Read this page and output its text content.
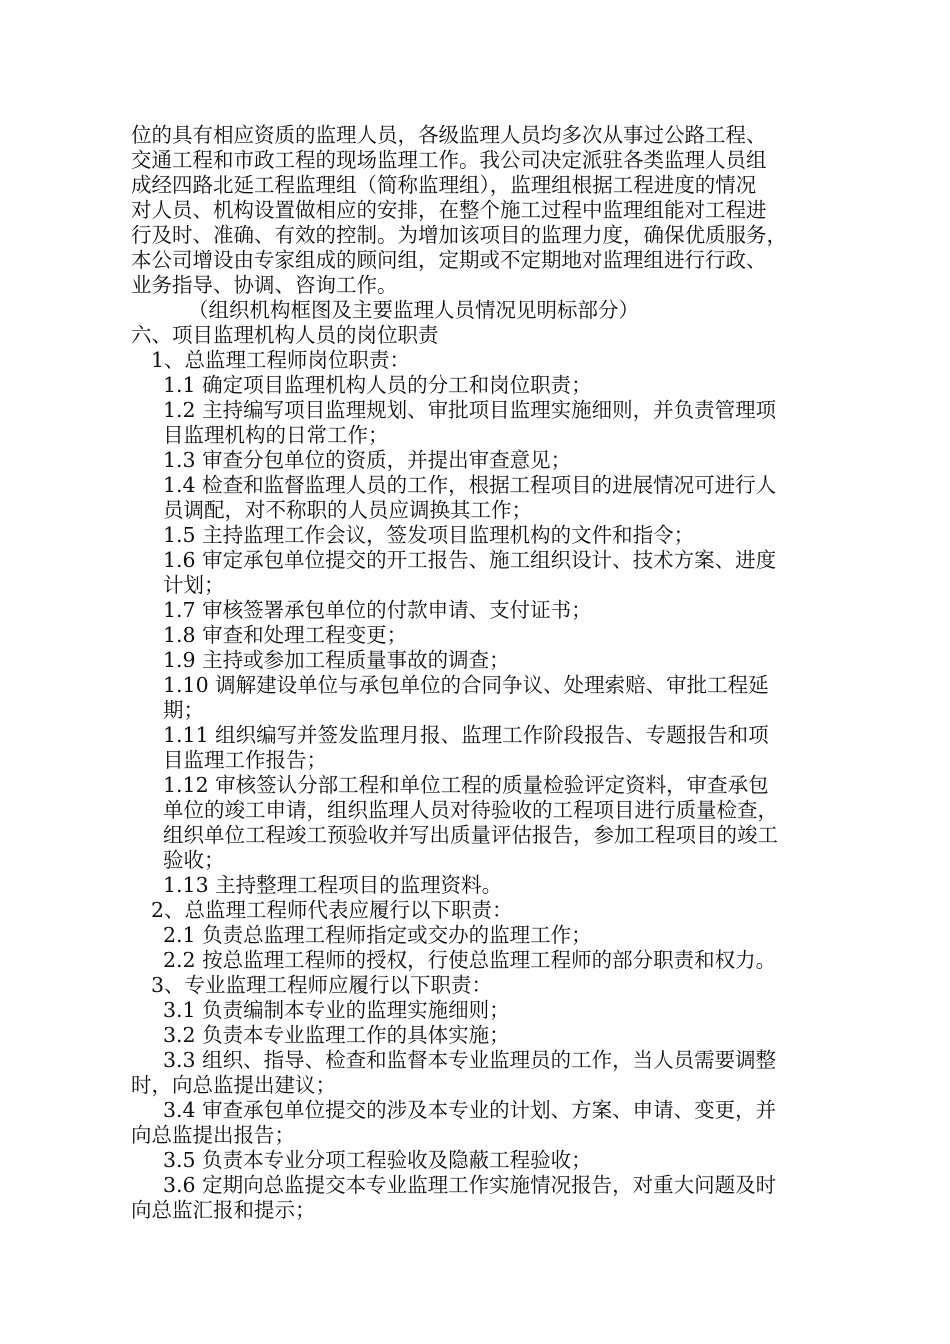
位的具有相应资质的监理人员，各级监理人员均多次从事过公路工程、
交通工程和市政工程的现场监理工作。我公司决定派驻各类监理人员组
成经四路北延工程监理组（简称监理组），监理组根据工程进度的情况
对人员、机构设置做相应的安排，在整个施工过程中监理组能对工程进
行及时、准确、有效的控制。为增加该项目的监理力度，确保优质服务，
本公司增设由专家组成的顾问组，定期或不定期地对监理组进行行政、
业务指导、协调、咨询工作。
（组织机构框图及主要监理人员情况见明标部分）
六、项目监理机构人员的岗位职责
1、总监理工程师岗位职责：
1.1 确定项目监理机构人员的分工和岗位职责；
1.2 主持编写项目监理规划、审批项目监理实施细则，并负责管理项
目监理机构的日常工作；
1.3 审查分包单位的资质，并提出审查意见；
1.4 检查和监督监理人员的工作，根据工程项目的进展情况可进行人
员调配，对不称职的人员应调换其工作；
1.5 主持监理工作会议，签发项目监理机构的文件和指令；
1.6 审定承包单位提交的开工报告、施工组织设计、技术方案、进度
计划；
1.7 审核签署承包单位的付款申请、支付证书；
1.8 审查和处理工程变更；
1.9 主持或参加工程质量事故的调查；
1.10 调解建设单位与承包单位的合同争议、处理索赔、审批工程延
期；
1.11 组织编写并签发监理月报、监理工作阶段报告、专题报告和项
目监理工作报告；
1.12 审核签认分部工程和单位工程的质量检验评定资料，审查承包
单位的竣工申请，组织监理人员对待验收的工程项目进行质量检查，
组织单位工程竣工预验收并写出质量评估报告，参加工程项目的竣工
验收；
1.13 主持整理工程项目的监理资料。
2、总监理工程师代表应履行以下职责：
2.1 负责总监理工程师指定或交办的监理工作；
2.2 按总监理工程师的授权，行使总监理工程师的部分职责和权力。
3、专业监理工程师应履行以下职责：
3.1 负责编制本专业的监理实施细则；
3.2 负责本专业监理工作的具体实施；
3.3 组织、指导、检查和监督本专业监理员的工作，当人员需要调整
时，向总监提出建议；
3.4 审查承包单位提交的涉及本专业的计划、方案、申请、变更，并
向总监提出报告；
3.5 负责本专业分项工程验收及隐蔽工程验收；
3.6 定期向总监提交本专业监理工作实施情况报告，对重大问题及时
向总监汇报和提示；
